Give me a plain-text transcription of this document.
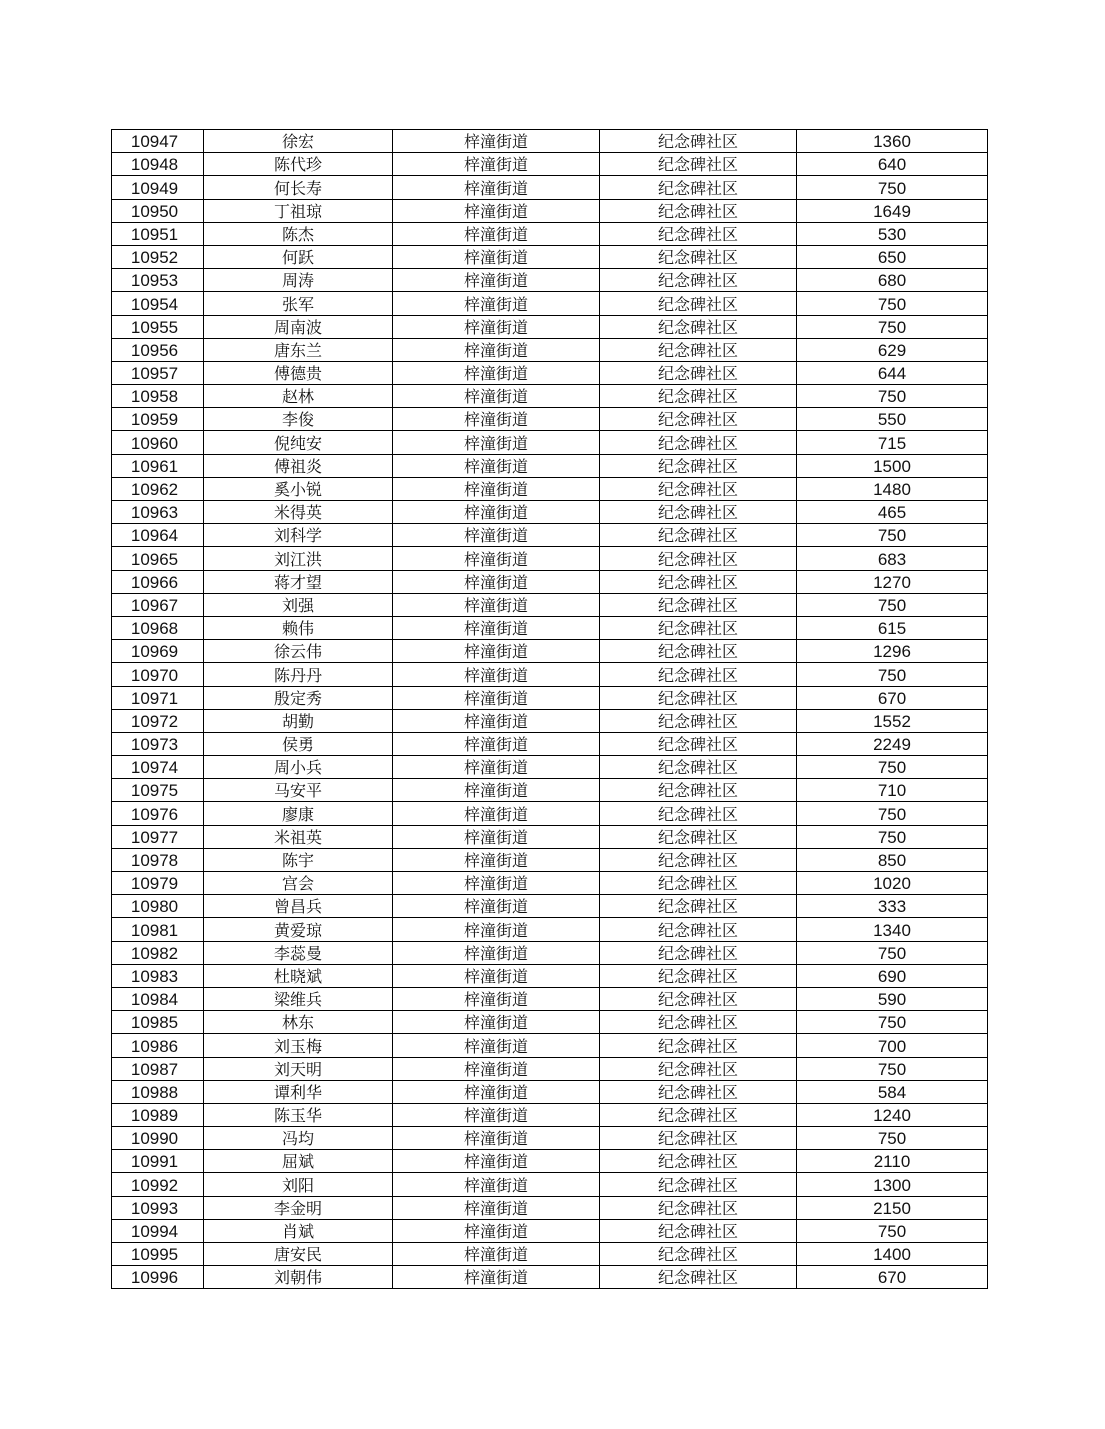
10947	徐宏	梓潼街道	纪念碑社区	1360
10948	陈代珍	梓潼街道	纪念碑社区	640
10949	何长寿	梓潼街道	纪念碑社区	750
10950	丁祖琼	梓潼街道	纪念碑社区	1649
10951	陈杰	梓潼街道	纪念碑社区	530
10952	何跃	梓潼街道	纪念碑社区	650
10953	周涛	梓潼街道	纪念碑社区	680
10954	张军	梓潼街道	纪念碑社区	750
10955	周南波	梓潼街道	纪念碑社区	750
10956	唐东兰	梓潼街道	纪念碑社区	629
10957	傅德贵	梓潼街道	纪念碑社区	644
10958	赵林	梓潼街道	纪念碑社区	750
10959	李俊	梓潼街道	纪念碑社区	550
10960	倪纯安	梓潼街道	纪念碑社区	715
10961	傅祖炎	梓潼街道	纪念碑社区	1500
10962	奚小锐	梓潼街道	纪念碑社区	1480
10963	米得英	梓潼街道	纪念碑社区	465
10964	刘科学	梓潼街道	纪念碑社区	750
10965	刘江洪	梓潼街道	纪念碑社区	683
10966	蒋才望	梓潼街道	纪念碑社区	1270
10967	刘强	梓潼街道	纪念碑社区	750
10968	赖伟	梓潼街道	纪念碑社区	615
10969	徐云伟	梓潼街道	纪念碑社区	1296
10970	陈丹丹	梓潼街道	纪念碑社区	750
10971	殷定秀	梓潼街道	纪念碑社区	670
10972	胡勤	梓潼街道	纪念碑社区	1552
10973	侯勇	梓潼街道	纪念碑社区	2249
10974	周小兵	梓潼街道	纪念碑社区	750
10975	马安平	梓潼街道	纪念碑社区	710
10976	廖康	梓潼街道	纪念碑社区	750
10977	米祖英	梓潼街道	纪念碑社区	750
10978	陈宇	梓潼街道	纪念碑社区	850
10979	宫会	梓潼街道	纪念碑社区	1020
10980	曾昌兵	梓潼街道	纪念碑社区	333
10981	黄爱琼	梓潼街道	纪念碑社区	1340
10982	李蕊曼	梓潼街道	纪念碑社区	750
10983	杜晓斌	梓潼街道	纪念碑社区	690
10984	梁维兵	梓潼街道	纪念碑社区	590
10985	林东	梓潼街道	纪念碑社区	750
10986	刘玉梅	梓潼街道	纪念碑社区	700
10987	刘天明	梓潼街道	纪念碑社区	750
10988	谭利华	梓潼街道	纪念碑社区	584
10989	陈玉华	梓潼街道	纪念碑社区	1240
10990	冯均	梓潼街道	纪念碑社区	750
10991	屈斌	梓潼街道	纪念碑社区	2110
10992	刘阳	梓潼街道	纪念碑社区	1300
10993	李金明	梓潼街道	纪念碑社区	2150
10994	肖斌	梓潼街道	纪念碑社区	750
10995	唐安民	梓潼街道	纪念碑社区	1400
10996	刘朝伟	梓潼街道	纪念碑社区	670
